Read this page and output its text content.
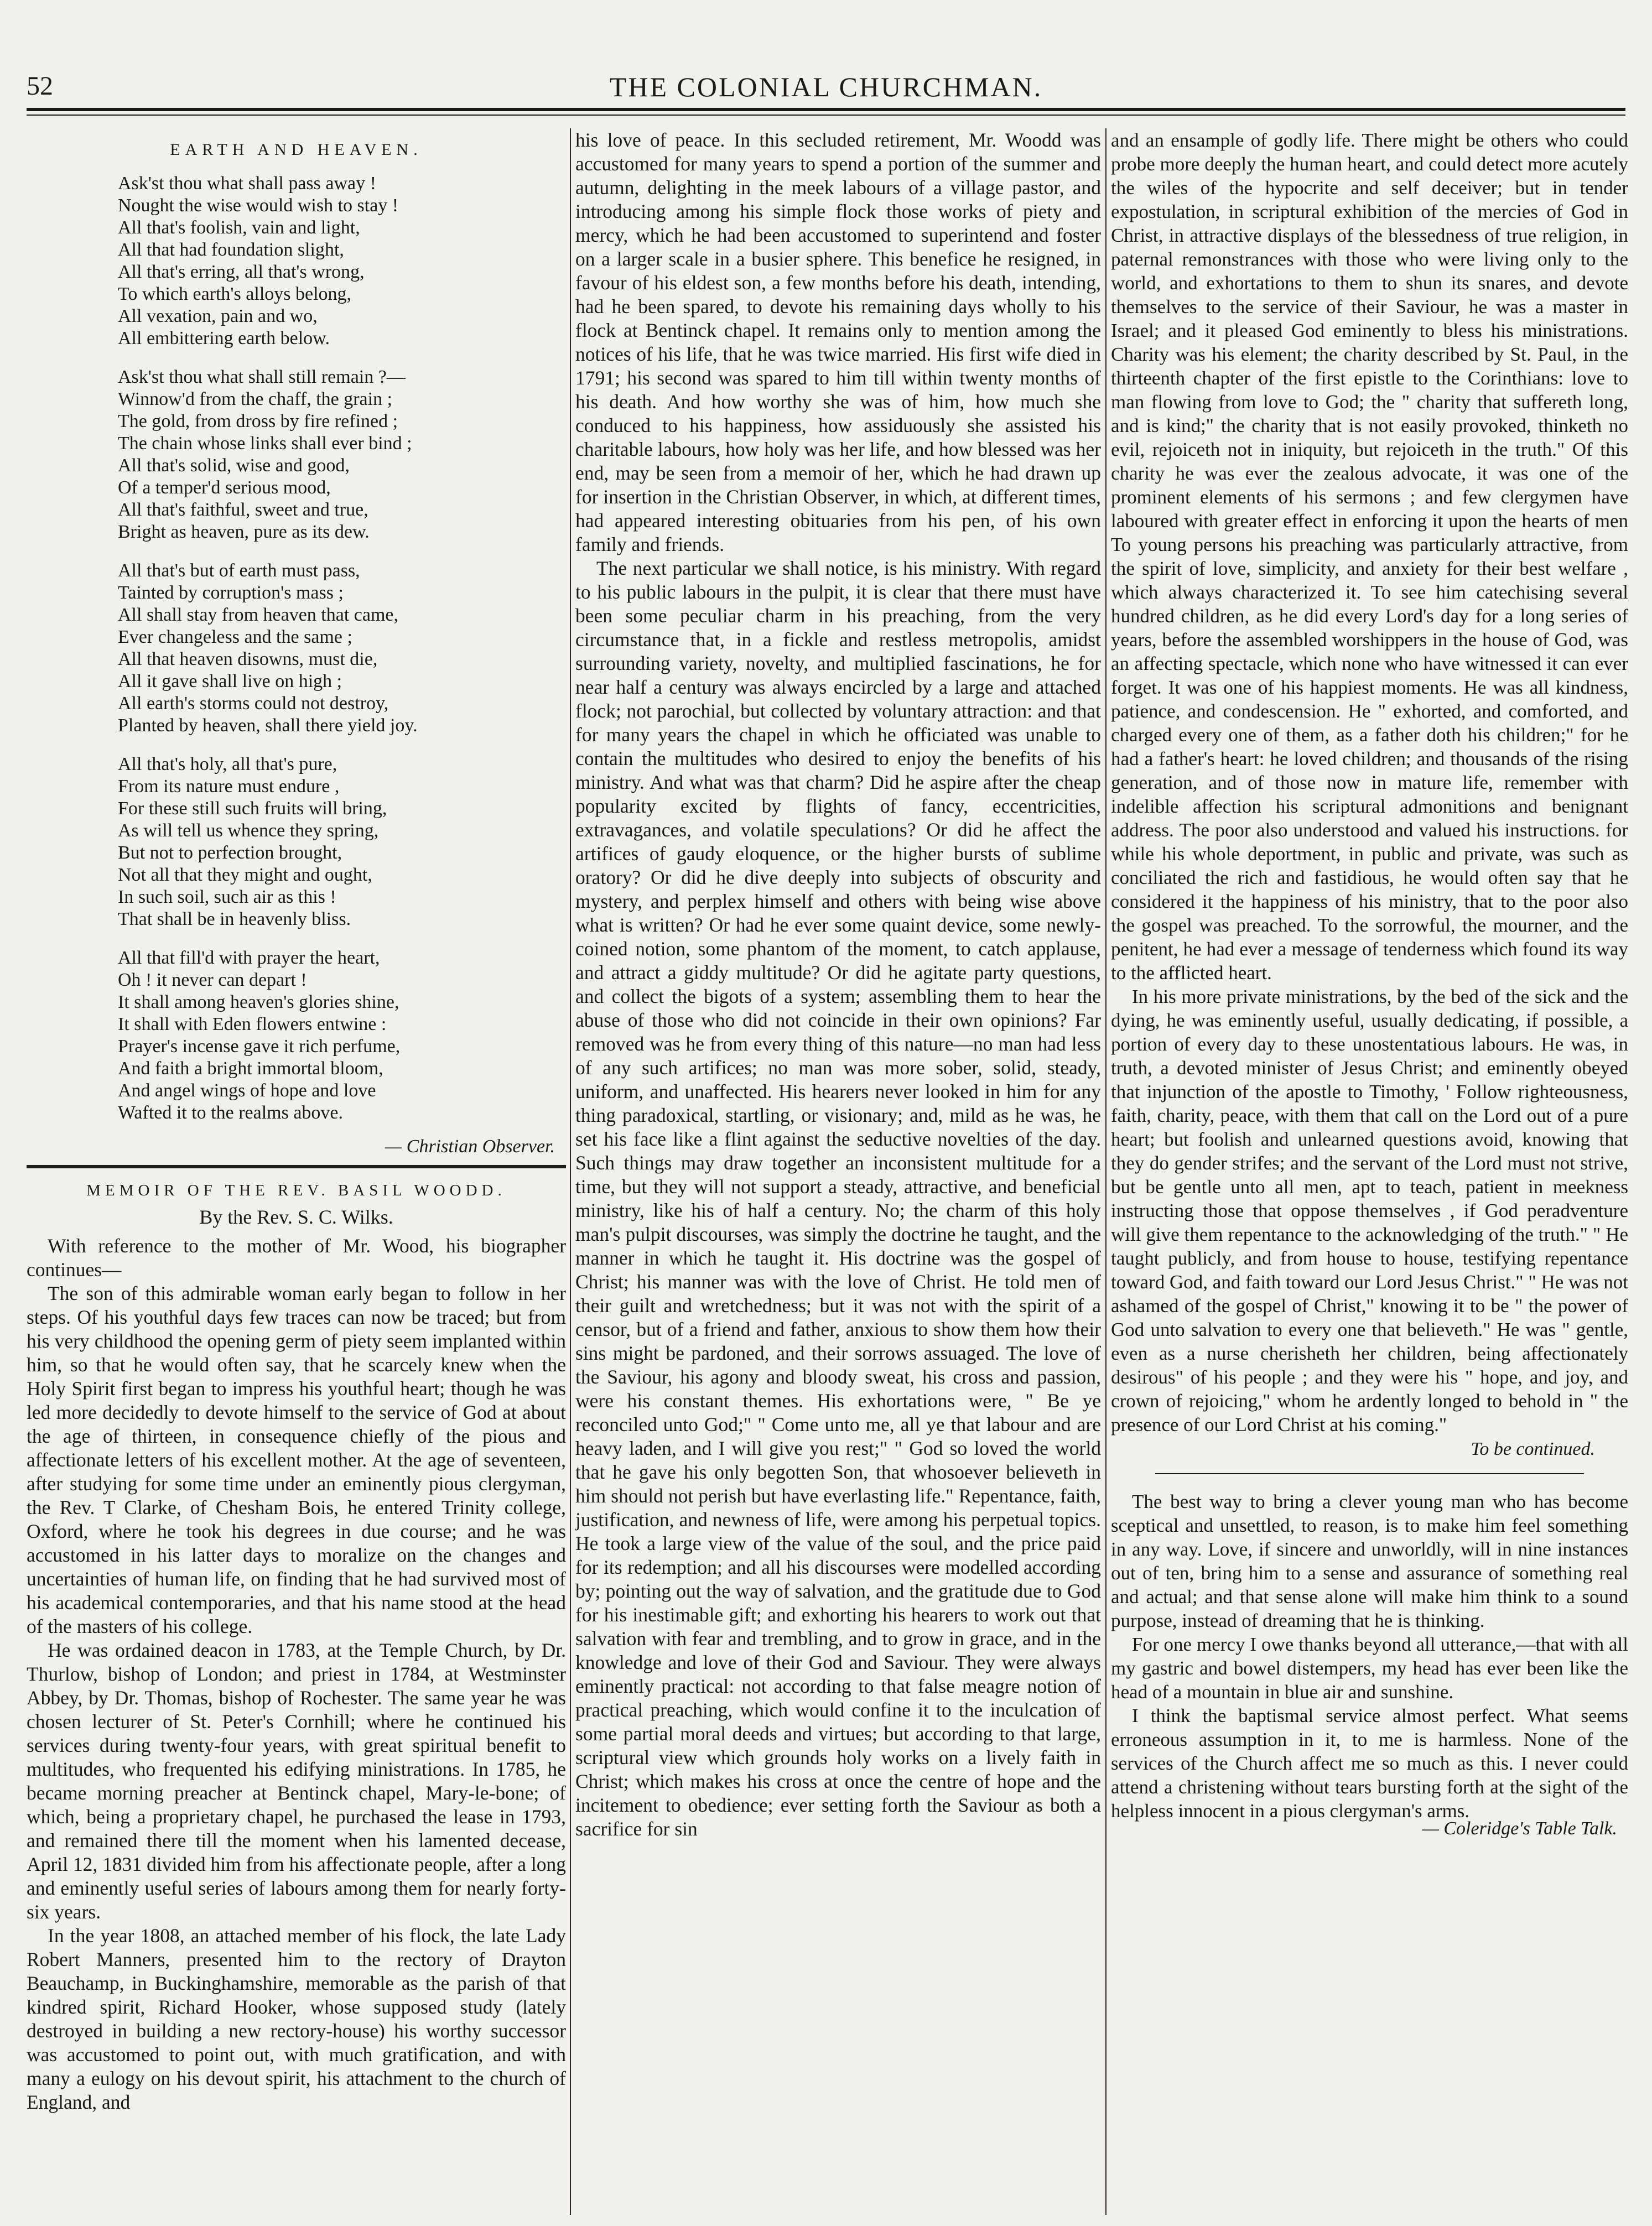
52	THE COLONIAL CHURCHMAN.
EARTH AND HEAVEN.
Ask'st thou what shall pass away !
Nought the wise would wish to stay !
All that's foolish, vain and light,
All that had foundation slight,
All that's erring, all that's wrong,
To which earth's alloys belong,
All vexation, pain and wo,
All embittering earth below.
Ask'st thou what shall still remain ?—
Winnow'd from the chaff, the grain ;
The gold, from dross by fire refined ;
The chain whose links shall ever bind ;
All that's solid, wise and good,
Of a temper'd serious mood,
All that's faithful, sweet and true,
Bright as heaven, pure as its dew.
All that's but of earth must pass,
Tainted by corruption's mass ;
All shall stay from heaven that came,
Ever changeless and the same ;
All that heaven disowns, must die,
All it gave shall live on high ;
All earth's storms could not destroy,
Planted by heaven, shall there yield joy.
All that's holy, all that's pure,
From its nature must endure ,
For these still such fruits will bring,
As will tell us whence they spring,
But not to perfection brought,
Not all that they might and ought,
In such soil, such air as this !
That shall be in heavenly bliss.
All that fill'd with prayer the heart,
Oh ! it never can depart !
It shall among heaven's glories shine,
It shall with Eden flowers entwine :
Prayer's incense gave it rich perfume,
And faith a bright immortal bloom,
And angel wings of hope and love
Wafted it to the realms above.
— Christian Observer.
MEMOIR OF THE REV. BASIL WOODD.
By the Rev. S. C. Wilks.

With reference to the mother of Mr. Wood, his biographer continues—

The son of this admirable woman early began to follow in her steps. Of his youthful days few traces can now be traced; but from his very childhood the opening germ of piety seem implanted within him, so that he would often say, that he scarcely knew when the Holy Spirit first began to impress his youthful heart; though he was led more decidedly to devote himself to the service of God at about the age of thirteen, in consequence chiefly of the pious and affectionate letters of his excellent mother. At the age of seventeen, after studying for some time under an eminently pious clergyman, the Rev. T Clarke, of Chesham Bois, he entered Trinity college, Oxford, where he took his degrees in due course; and he was accustomed in his latter days to moralize on the changes and uncertainties of human life, on finding that he had survived most of his academical contemporaries, and that his name stood at the head of the masters of his college.

He was ordained deacon in 1783, at the Temple Church, by Dr. Thurlow, bishop of London; and priest in 1784, at Westminster Abbey, by Dr. Thomas, bishop of Rochester. The same year he was chosen lecturer of St. Peter's Cornhill; where he continued his services during twenty-four years, with great spiritual benefit to multitudes, who frequented his edifying ministrations. In 1785, he became morning preacher at Bentinck chapel, Mary-le-bone; of which, being a proprietary chapel, he purchased the lease in 1793, and remained there till the moment when his lamented decease, April 12, 1831 divided him from his affectionate people, after a long and eminently useful series of labours among them for nearly forty-six years.

In the year 1808, an attached member of his flock, the late Lady Robert Manners, presented him to the rectory of Drayton Beauchamp, in Buckinghamshire, memorable as the parish of that kindred spirit, Richard Hooker, whose supposed study (lately destroyed in building a new rectory-house) his worthy successor was accustomed to point out, with much gratification, and with many a eulogy on his devout spirit, his attachment to the church of England, and

his love of peace. In this secluded retirement, Mr. Woodd was accustomed for many years to spend a portion of the summer and autumn, delighting in the meek labours of a village pastor, and introducing among his simple flock those works of piety and mercy, which he had been accustomed to superintend and foster on a larger scale in a busier sphere. This benefice he resigned, in favour of his eldest son, a few months before his death, intending, had he been spared, to devote his remaining days wholly to his flock at Bentinck chapel. It remains only to mention among the notices of his life, that he was twice married. His first wife died in 1791; his second was spared to him till within twenty months of his death. And how worthy she was of him, how much she conduced to his happiness, how assiduously she assisted his charitable labours, how holy was her life, and how blessed was her end, may be seen from a memoir of her, which he had drawn up for insertion in the Christian Observer, in which, at different times, had appeared interesting obituaries from his pen, of his own family and friends.

The next particular we shall notice, is his ministry. With regard to his public labours in the pulpit, it is clear that there must have been some peculiar charm in his preaching, from the very circumstance that, in a fickle and restless metropolis, amidst surrounding variety, novelty, and multiplied fascinations, he for near half a century was always encircled by a large and attached flock; not parochial, but collected by voluntary attraction: and that for many years the chapel in which he officiated was unable to contain the multitudes who desired to enjoy the benefits of his ministry. And what was that charm? Did he aspire after the cheap popularity excited by flights of fancy, eccentricities, extravagances, and volatile speculations? Or did he affect the artifices of gaudy eloquence, or the higher bursts of sublime oratory? Or did he dive deeply into subjects of obscurity and mystery, and perplex himself and others with being wise above what is written? Or had he ever some quaint device, some newly-coined notion, some phantom of the moment, to catch applause, and attract a giddy multitude? Or did he agitate party questions, and collect the bigots of a system; assembling them to hear the abuse of those who did not coincide in their own opinions? Far removed was he from every thing of this nature—no man had less of any such artifices; no man was more sober, solid, steady, uniform, and unaffected. His hearers never looked in him for any thing paradoxical, startling, or visionary; and, mild as he was, he set his face like a flint against the seductive novelties of the day. Such things may draw together an inconsistent multitude for a time, but they will not support a steady, attractive, and beneficial ministry, like his of half a century. No; the charm of this holy man's pulpit discourses, was simply the doctrine he taught, and the manner in which he taught it. His doctrine was the gospel of Christ; his manner was with the love of Christ. He told men of their guilt and wretchedness; but it was not with the spirit of a censor, but of a friend and father, anxious to show them how their sins might be pardoned, and their sorrows assuaged. The love of the Saviour, his agony and bloody sweat, his cross and passion, were his constant themes. His exhortations were, " Be ye reconciled unto God;" " Come unto me, all ye that labour and are heavy laden, and I will give you rest;" " God so loved the world that he gave his only begotten Son, that whosoever believeth in him should not perish but have everlasting life." Repentance, faith, justification, and newness of life, were among his perpetual topics. He took a large view of the value of the soul, and the price paid for its redemption; and all his discourses were modelled according by; pointing out the way of salvation, and the gratitude due to God for his inestimable gift; and exhorting his hearers to work out that salvation with fear and trembling, and to grow in grace, and in the knowledge and love of their God and Saviour. They were always eminently practical: not according to that false meagre notion of practical preaching, which would confine it to the inculcation of some partial moral deeds and virtues; but according to that large, scriptural view which grounds holy works on a lively faith in Christ; which makes his cross at once the centre of hope and the incitement to obedience; ever setting forth the Saviour as both a sacrifice for sin

and an ensample of godly life. There might be others who could probe more deeply the human heart, and could detect more acutely the wiles of the hypocrite and self deceiver; but in tender expostulation, in scriptural exhibition of the mercies of God in Christ, in attractive displays of the blessedness of true religion, in paternal remonstrances with those who were living only to the world, and exhortations to them to shun its snares, and devote themselves to the service of their Saviour, he was a master in Israel; and it pleased God eminently to bless his ministrations. Charity was his element; the charity described by St. Paul, in the thirteenth chapter of the first epistle to the Corinthians: love to man flowing from love to God; the " charity that suffereth long, and is kind;" the charity that is not easily provoked, thinketh no evil, rejoiceth not in iniquity, but rejoiceth in the truth." Of this charity he was ever the zealous advocate, it was one of the prominent elements of his sermons ; and few clergymen have laboured with greater effect in enforcing it upon the hearts of men To young persons his preaching was particularly attractive, from the spirit of love, simplicity, and anxiety for their best welfare , which always characterized it. To see him catechising several hundred children, as he did every Lord's day for a long series of years, before the assembled worshippers in the house of God, was an affecting spectacle, which none who have witnessed it can ever forget. It was one of his happiest moments. He was all kindness, patience, and condescension. He " exhorted, and comforted, and charged every one of them, as a father doth his children;" for he had a father's heart: he loved children; and thousands of the rising generation, and of those now in mature life, remember with indelible affection his scriptural admonitions and benignant address. The poor also understood and valued his instructions. for while his whole deportment, in public and private, was such as conciliated the rich and fastidious, he would often say that he considered it the happiness of his ministry, that to the poor also the gospel was preached. To the sorrowful, the mourner, and the penitent, he had ever a message of tenderness which found its way to the afflicted heart.

In his more private ministrations, by the bed of the sick and the dying, he was eminently useful, usually dedicating, if possible, a portion of every day to these unostentatious labours. He was, in truth, a devoted minister of Jesus Christ; and eminently obeyed that injunction of the apostle to Timothy, ' Follow righteousness, faith, charity, peace, with them that call on the Lord out of a pure heart; but foolish and unlearned questions avoid, knowing that they do gender strifes; and the servant of the Lord must not strive, but be gentle unto all men, apt to teach, patient in meekness instructing those that oppose themselves , if God peradventure will give them repentance to the acknowledging of the truth." " He taught publicly, and from house to house, testifying repentance toward God, and faith toward our Lord Jesus Christ." " He was not ashamed of the gospel of Christ," knowing it to be " the power of God unto salvation to every one that believeth." He was " gentle, even as a nurse cherisheth her children, being affectionately desirous" of his people ; and they were his " hope, and joy, and crown of rejoicing," whom he ardently longed to behold in " the presence of our Lord Christ at his coming."

To be continued.

The best way to bring a clever young man who has become sceptical and unsettled, to reason, is to make him feel something in any way. Love, if sincere and unworldly, will in nine instances out of ten, bring him to a sense and assurance of something real and actual; and that sense alone will make him think to a sound purpose, instead of dreaming that he is thinking.

For one mercy I owe thanks beyond all utterance,—that with all my gastric and bowel distempers, my head has ever been like the head of a mountain in blue air and sunshine.

I think the baptismal service almost perfect. What seems erroneous assumption in it, to me is harmless. None of the services of the Church affect me so much as this. I never could attend a christening without tears bursting forth at the sight of the helpless innocent in a pious clergyman's arms.

— Coleridge's Table Talk.
